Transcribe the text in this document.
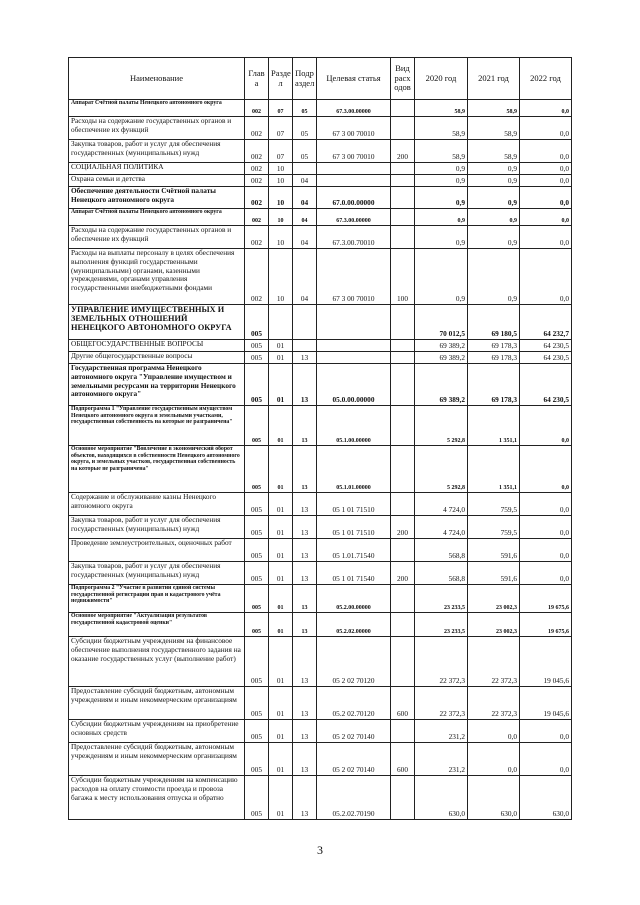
Наименование	Глав а	Разде л	Подр аздел	Целевая статья	Вид расх одов	2020 год	2021 год	2022 год
Аппарат Счётной палаты Ненецкого автономного округа	002	07	05	67.3.00.00000		58,9	58,9	0,0
Расходы на содержание государственных органов и обеспечение их функций	002	07	05	67 3 00 70010		58,9	58,9	0,0
Закупка товаров, работ и услуг для обеспечения государственных (муниципальных) нужд	002	07	05	67 3 00 70010	200	58,9	58,9	0,0
СОЦИАЛЬНАЯ ПОЛИТИКА	002	10				0,9	0,9	0,0
Охрана семьи и детства	002	10	04			0,9	0,9	0,0
Обеспечение деятельности Счётной палаты Ненецкого автономного округа	002	10	04	67.0.00.00000		0,9	0,9	0,0
Аппарат Счётной палаты Ненецкого автономного округа	002	10	04	67.3.00.00000		0,9	0,9	0,0
Расходы на содержание государственных органов и обеспечение их функций	002	10	04	67.3.00.70010		0,9	0,9	0,0
Расходы на выплаты персоналу в целях обеспечения выполнения функций государственными (муниципальными) органами, казенными учреждениями, органами управления государственными внебюджетными фондами	002	10	04	67 3 00 70010	100	0,9	0,9	0,0
УПРАВЛЕНИЕ ИМУЩЕСТВЕННЫХ И ЗЕМЕЛЬНЫХ ОТНОШЕНИЙ НЕНЕЦКОГО АВТОНОМНОГО ОКРУГА	005					70 012,5	69 180,5	64 232,7
ОБЩЕГОСУДАРСТВЕННЫЕ ВОПРОСЫ	005	01				69 389,2	69 178,3	64 230,5
Другие общегосударственные вопросы	005	01	13			69 389,2	69 178,3	64 230,5
Государственная программа Ненецкого автономного округа "Управление имуществом и земельными ресурсами на территории Ненецкого автономного округа"	005	01	13	05.0.00.00000		69 389,2	69 178,3	64 230,5
Подпрограмма 1 "Управление государственным имуществом Ненецкого автономного округа и земельными участками, государственная собственность на которые не разграничена"	005	01	13	05.1.00.00000		5 292,8	1 351,1	0,0
Основное мероприятие "Вовлечение в экономический оборот объектов, находящихся в собственности Ненецкого автономного округа, и земельных участков, государственная собственность на которые не разграничена"	005	01	13	05.1.01.00000		5 292,8	1 351,1	0,0
Содержание и обслуживание казны Ненецкого автономного округа	005	01	13	05 1 01 71510		4 724,0	759,5	0,0
Закупка товаров, работ и услуг для обеспечения государственных (муниципальных) нужд	005	01	13	05 1 01 71510	200	4 724,0	759,5	0,0
Проведение землеустроительных, оценочных работ	005	01	13	05 1.01.71540		568,8	591,6	0,0
Закупка товаров, работ и услуг для обеспечения государственных (муниципальных) нужд	005	01	13	05 1 01 71540	200	568,8	591,6	0,0
Подпрограмма 2 "Участие в развитии единой системы государственной регистрации прав и кадастрового учёта недвижимости"	005	01	13	05.2.00.00000		23 233,5	23 002,3	19 675,6
Основное мероприятие "Актуализация результатов государственной кадастровой оценки"	005	01	13	05.2.02.00000		23 233,5	23 002,3	19 675,6
Субсидии бюджетным учреждениям на финансовое обеспечение выполнения государственного задания на оказание государственных услуг (выполнение работ)	005	01	13	05 2 02 70120		22 372,3	22 372,3	19 045,6
Предоставление субсидий бюджетным, автономным учреждениям и иным некоммерческим организациям	005	01	13	05.2 02.70120	600	22 372,3	22 372,3	19 045,6
Субсидии бюджетным учреждениям на приобретение основных средств	005	01	13	05 2 02 70140		231,2	0,0	0,0
Предоставление субсидий бюджетным, автономным учреждениям и иным некоммерческим организациям	005	01	13	05 2 02 70140	600	231,2	0,0	0,0
Субсидии бюджетным учреждениям на компенсацию расходов на оплату стоимости проезда и провоза багажа к месту использования отпуска и обратно	005	01	13	05.2.02.70190		630,0	630,0	630,0
3
